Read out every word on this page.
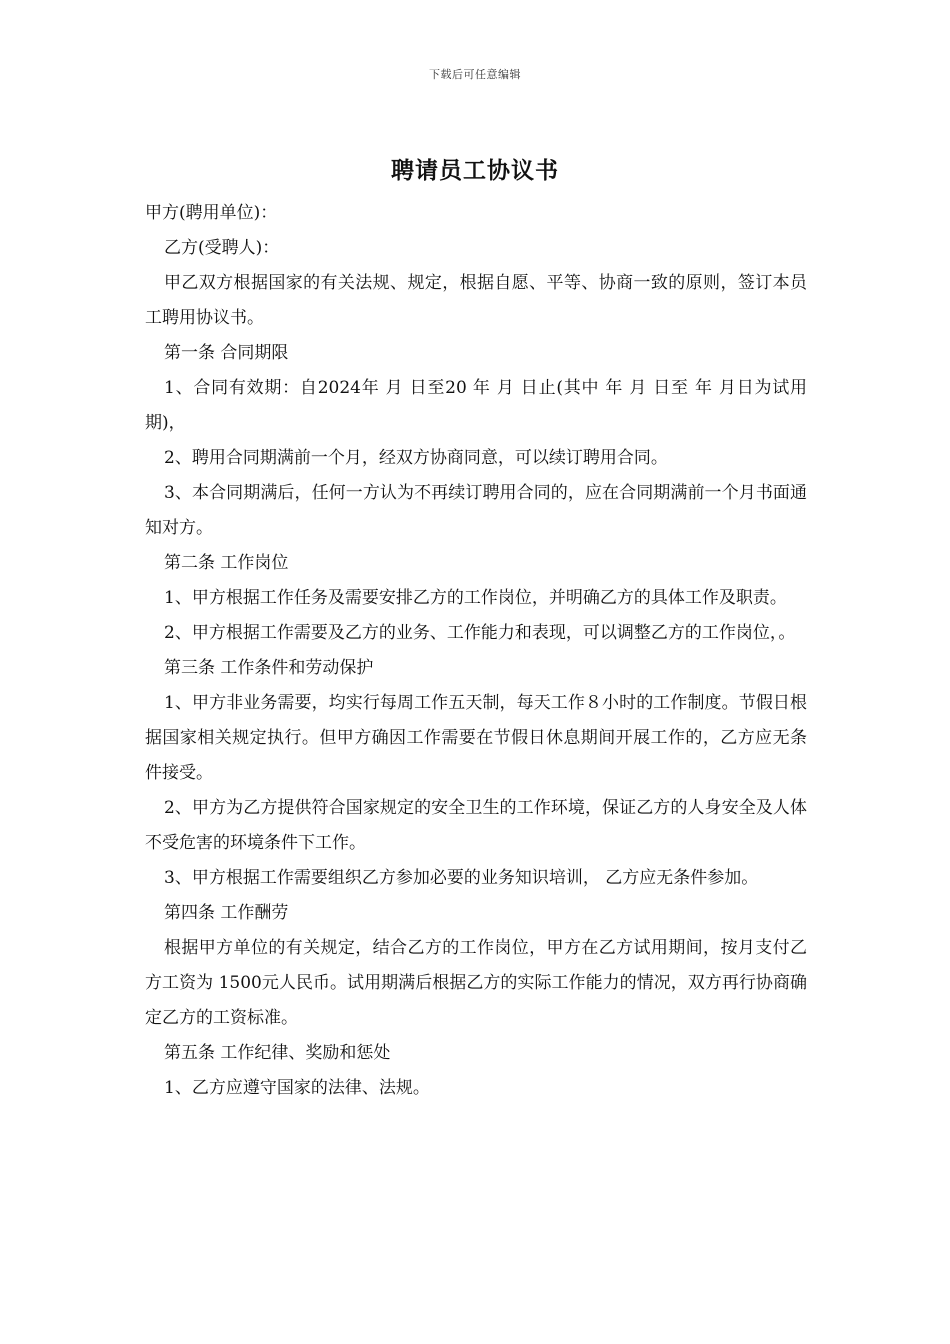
下载后可任意编辑
聘请员工协议书

甲方(聘用单位)：

乙方(受聘人)：

甲乙双方根据国家的有关法规、规定，根据自愿、平等、协商一致的原则，签订本员工聘用协议书。

第一条 合同期限

1、合同有效期：自2024年 月 日至20 年 月 日止(其中 年 月 日至 年 月日为试用期)，

2、聘用合同期满前一个月，经双方协商同意，可以续订聘用合同。

3、本合同期满后，任何一方认为不再续订聘用合同的，应在合同期满前一个月书面通知对方。

第二条 工作岗位

1、甲方根据工作任务及需要安排乙方的工作岗位，并明确乙方的具体工作及职责。

2、甲方根据工作需要及乙方的业务、工作能力和表现，可以调整乙方的工作岗位，。

第三条 工作条件和劳动保护

1、甲方非业务需要，均实行每周工作五天制，每天工作８小时的工作制度。节假日根据国家相关规定执行。但甲方确因工作需要在节假日休息期间开展工作的，乙方应无条件接受。

2、甲方为乙方提供符合国家规定的安全卫生的工作环境，保证乙方的人身安全及人体不受危害的环境条件下工作。

3、甲方根据工作需要组织乙方参加必要的业务知识培训， 乙方应无条件参加。

第四条 工作酬劳

根据甲方单位的有关规定，结合乙方的工作岗位，甲方在乙方试用期间，按月支付乙方工资为 1500元人民币。试用期满后根据乙方的实际工作能力的情况，双方再行协商确定乙方的工资标准。

第五条 工作纪律、奖励和惩处

1、乙方应遵守国家的法律、法规。
